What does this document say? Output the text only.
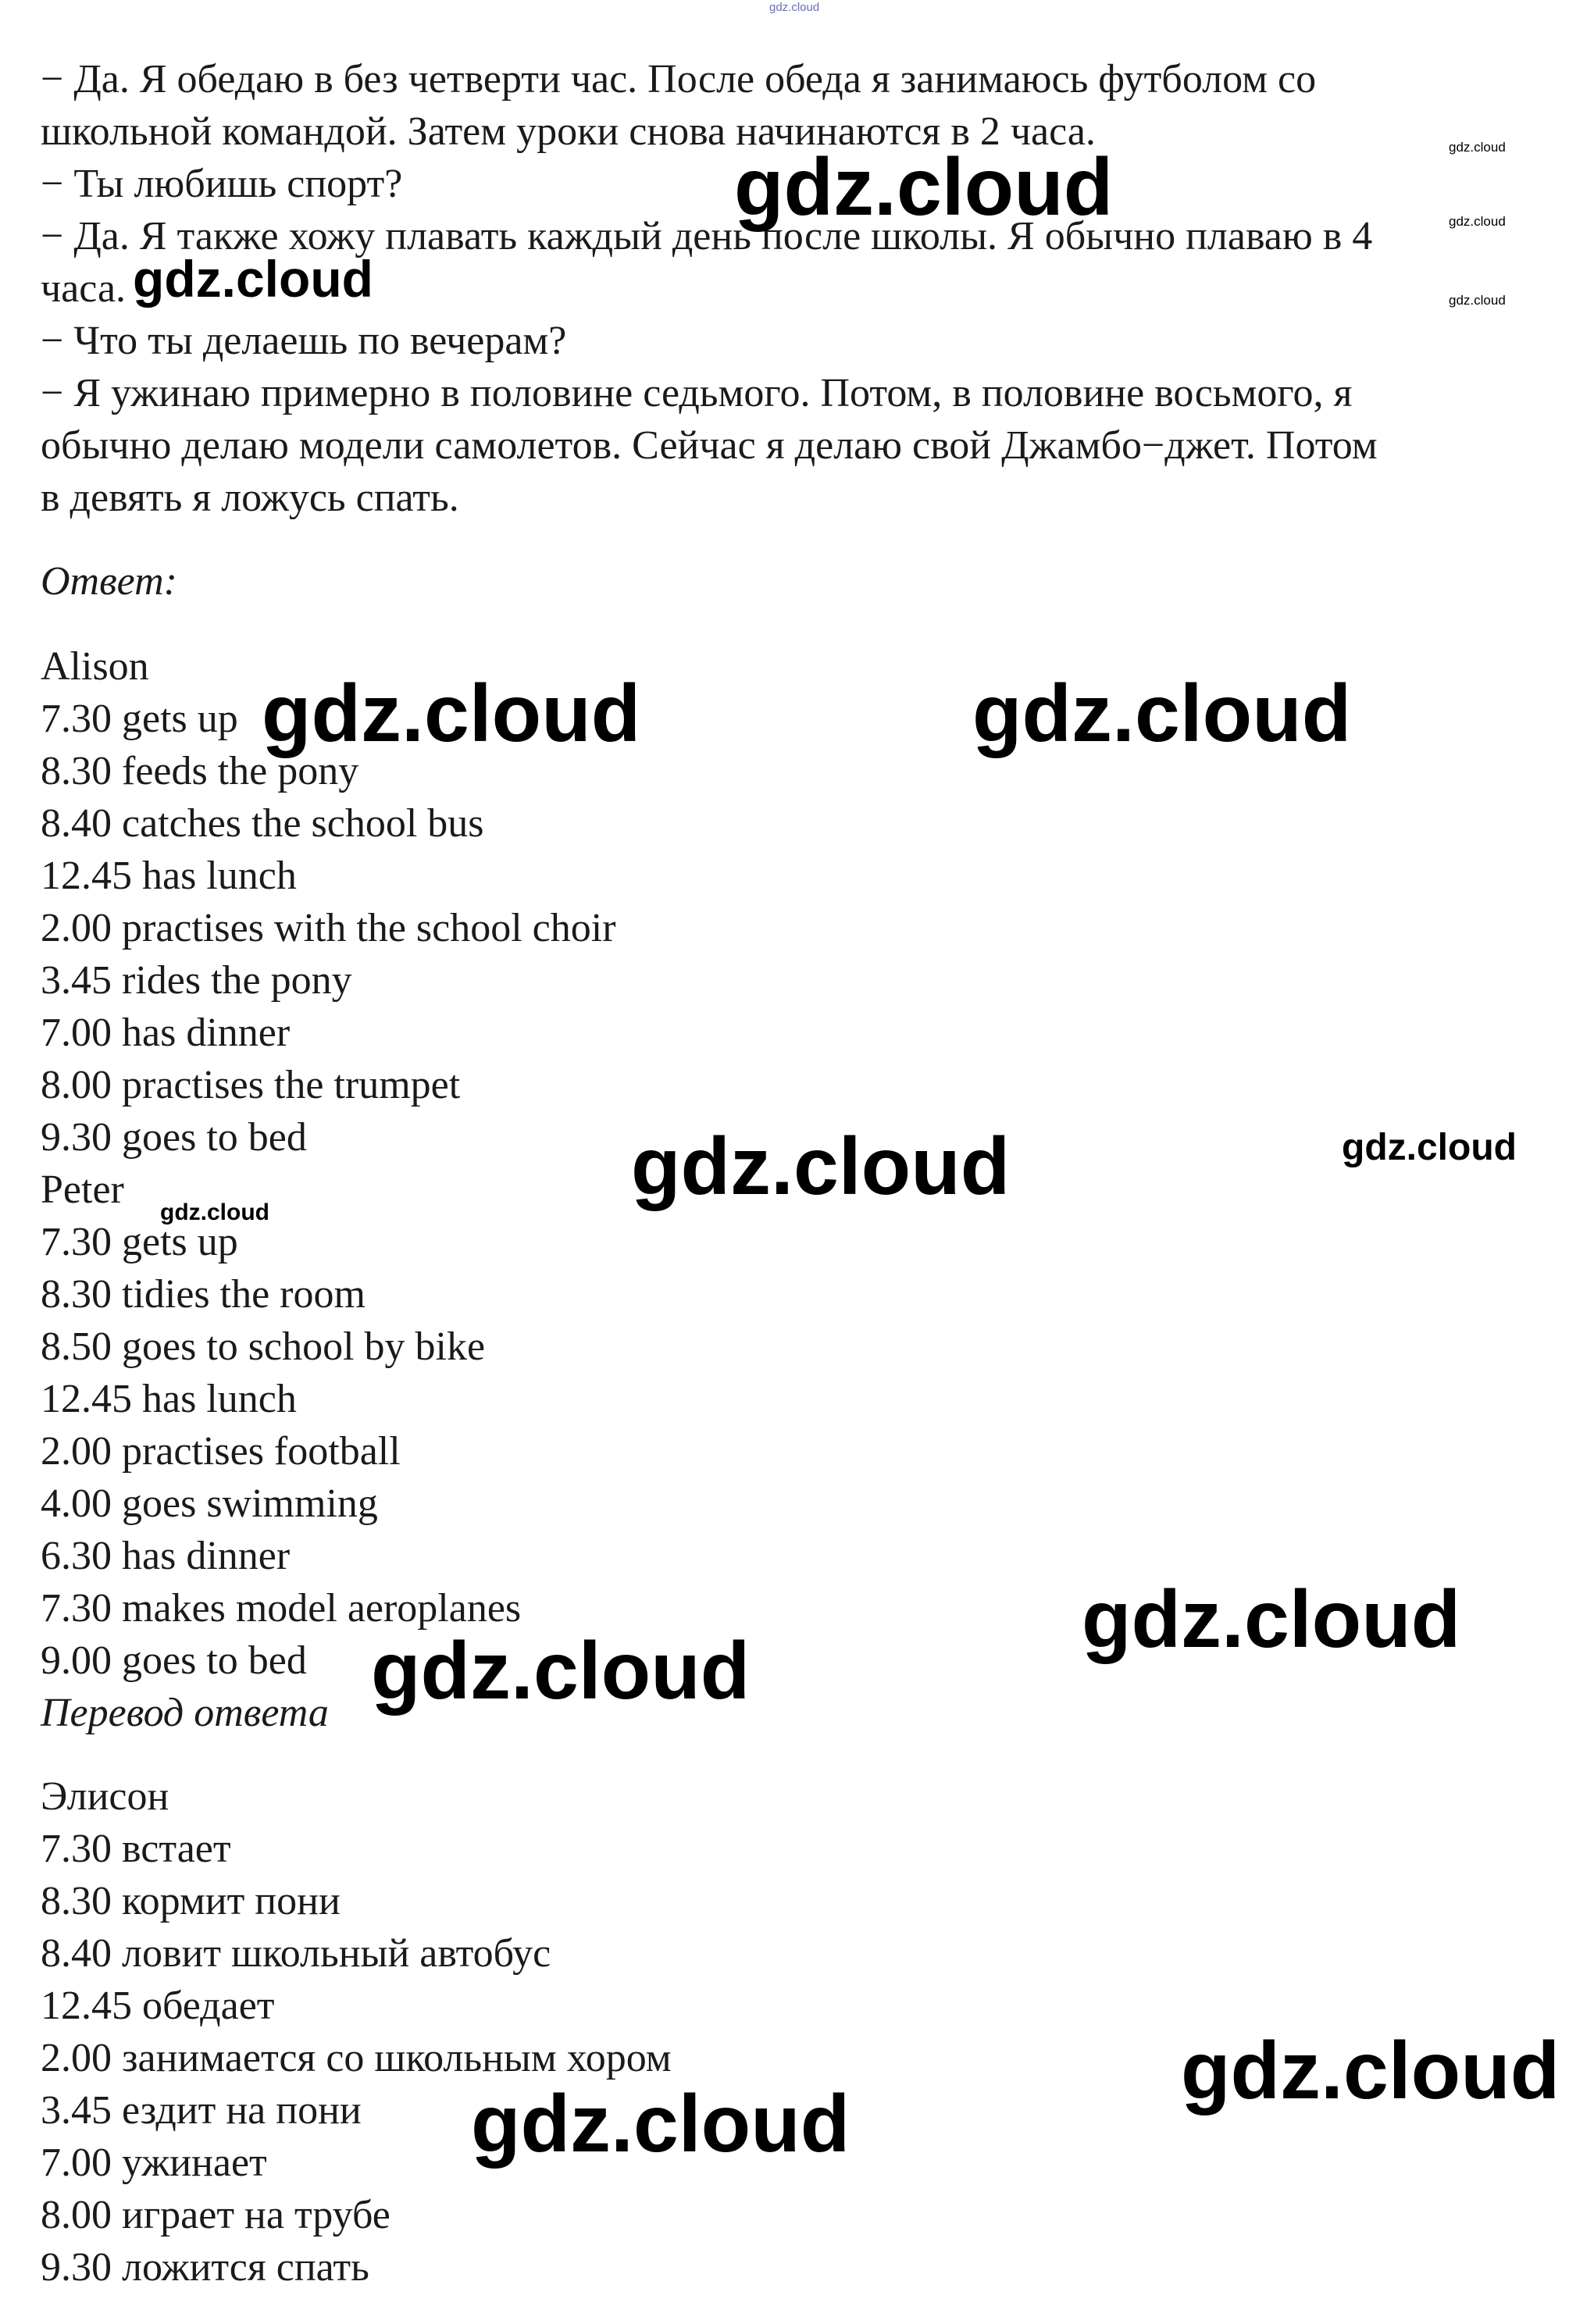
gdz.cloud

− Да. Я обедаю в без четверти час. После обеда я занимаюсь футболом со

школьной командой. Затем уроки снова начинаются в 2 часа.

− Ты любишь спорт?

− Да. Я также хожу плавать каждый день после школы. Я обычно плаваю в 4

часа.

− Что ты делаешь по вечерам?

− Я ужинаю примерно в половине седьмого. Потом, в половине восьмого, я

обычно делаю модели самолетов. Сейчас я делаю свой Джамбо−джет. Потом

в девять я ложусь спать.

Ответ:

Alison

7.30 gets up

8.30 feeds the pony

8.40 catches the school bus

12.45 has lunch

2.00 practises with the school choir

3.45 rides the pony

7.00 has dinner

8.00 practises the trumpet

9.30 goes to bed

Peter

7.30 gets up

8.30 tidies the room

8.50 goes to school by bike

12.45 has lunch

2.00 practises football

4.00 goes swimming

6.30 has dinner

7.30 makes model aeroplanes

9.00 goes to bed

Перевод ответа

Элисон

7.30 встает

8.30 кормит пони

8.40 ловит школьный автобус

12.45 обедает

2.00 занимается со школьным хором

3.45 ездит на пони

7.00 ужинает

8.00 играет на трубе

9.30 ложится спать

gdz.cloud	gdz.cloud
gdz.cloud
gdz.cloud	gdz.cloud
gdz.cloud	gdz.cloud
gdz.cloud	gdz.cloud
gdz.cloud
gdz.cloud
gdz.cloud
gdz.cloud
gdz.cloud
